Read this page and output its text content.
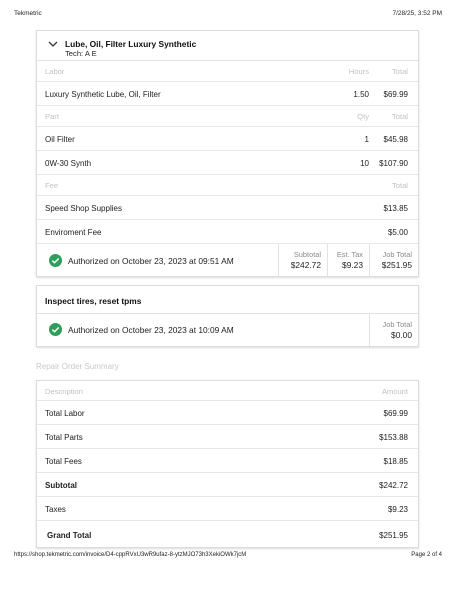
Tekmetric	7/28/25, 3:52 PM
Lube, Oil, Filter Luxury Synthetic
Tech: A E
Labor	Hours	Total
Luxury Synthetic Lube, Oil, Filter	1.50 $69.99
Part	Qty	Total
Oil Filter	1 $45.98
0W-30 Synth	10 $107.90
Fee	Total
Speed Shop Supplies	$13.85
Enviroment Fee	$5.00
Authorized on October 23, 2023 at 09:51 AM
Subtotal
$242.72
Est. Tax
$9.23
Job Total
$251.95
Inspect tires, reset tpms
Authorized on October 23, 2023 at 10:09 AM
Job Total
$0.00
Repair Order Summary
Description	Amount
Total Labor	$69.99
Total Parts	$153.88
Total Fees	$18.85
Subtotal	$242.72
Taxes	$9.23
Grand Total	$251.95
https://shop.tekmetric.com/invoice/D4-cppRVxU3wR9ufaz-8-ytzMJO73h3XekiOWk7jcM	Page 2 of 4
